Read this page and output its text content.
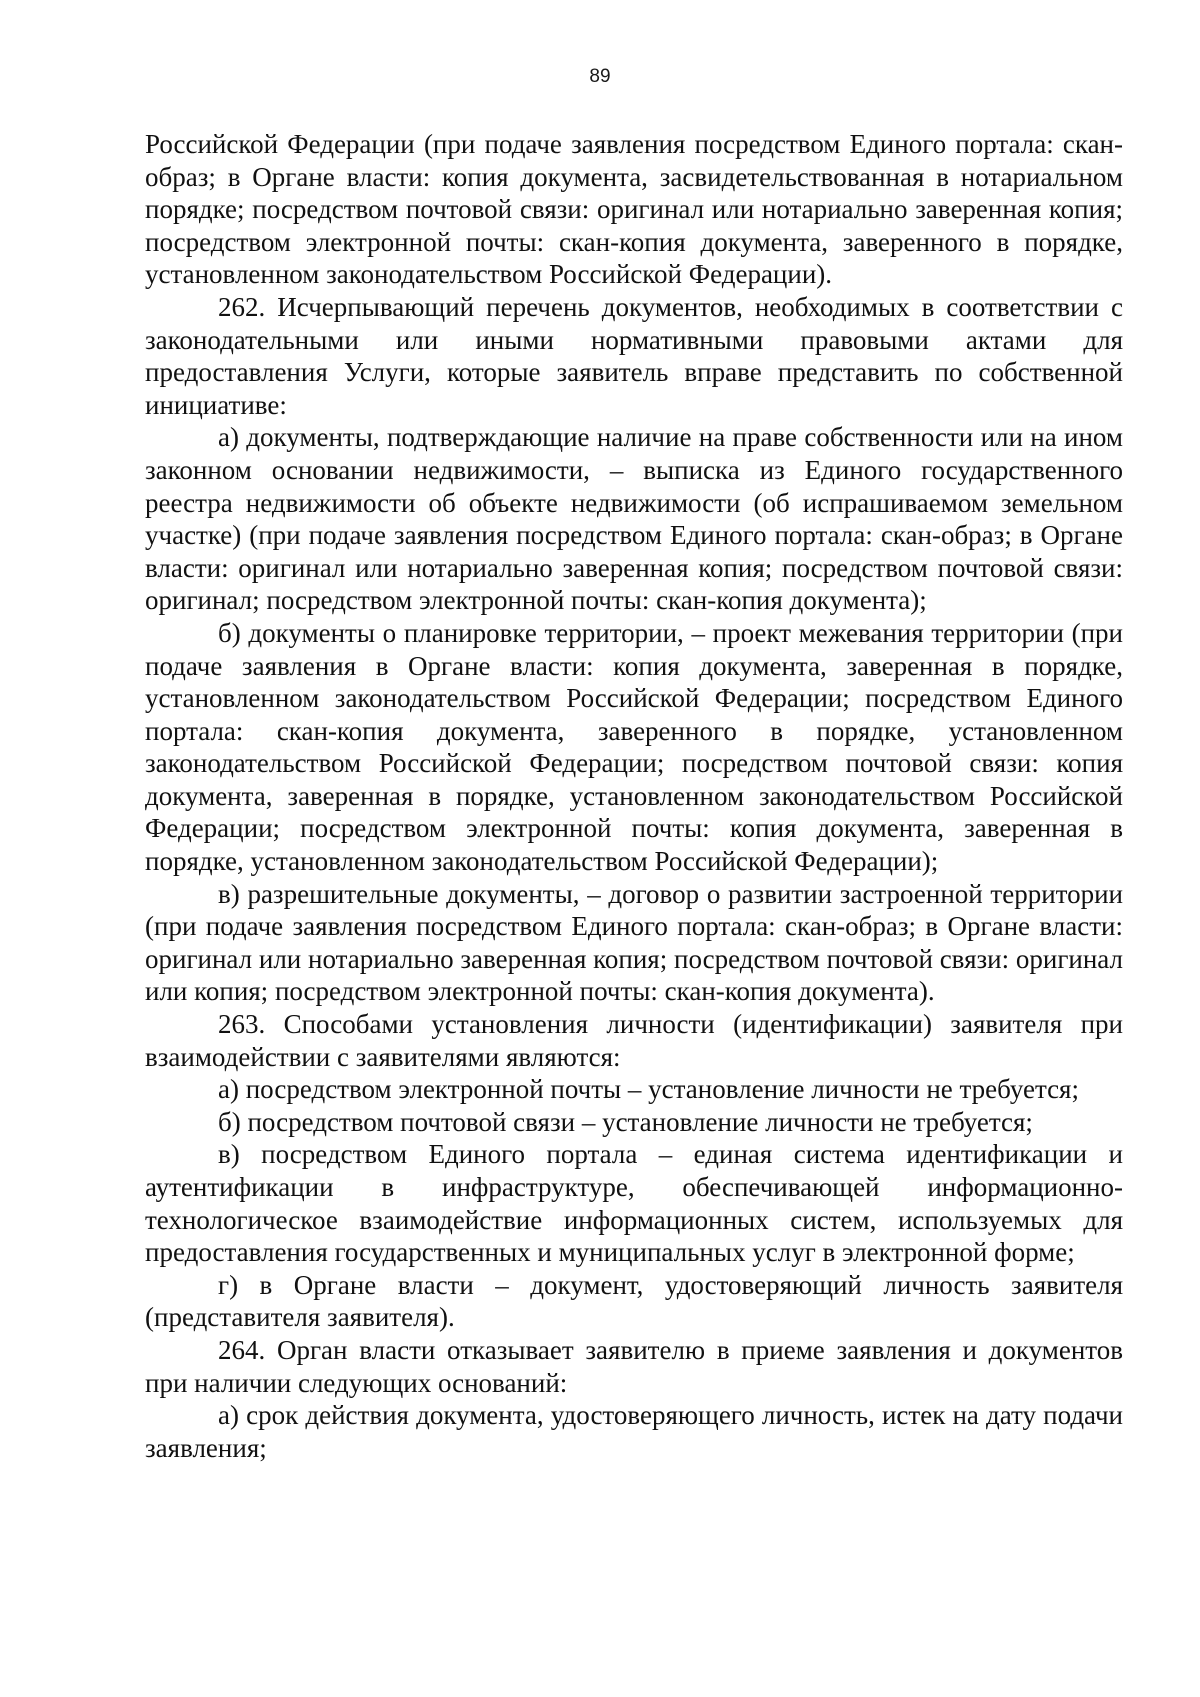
89

Российской Федерации (при подаче заявления посредством Единого портала: скан-образ; в Органе власти: копия документа, засвидетельствованная в нотариальном порядке; посредством почтовой связи: оригинал или нотариально заверенная копия; посредством электронной почты: скан-копия документа, заверенного в порядке, установленном законодательством Российской Федерации).

262. Исчерпывающий перечень документов, необходимых в соответствии с законодательными или иными нормативными правовыми актами для предоставления Услуги, которые заявитель вправе представить по собственной инициативе:

а) документы, подтверждающие наличие на праве собственности или на ином законном основании недвижимости, – выписка из Единого государственного реестра недвижимости об объекте недвижимости (об испрашиваемом земельном участке) (при подаче заявления посредством Единого портала: скан-образ; в Органе власти: оригинал или нотариально заверенная копия; посредством почтовой связи: оригинал; посредством электронной почты: скан-копия документа);

б) документы о планировке территории, – проект межевания территории (при подаче заявления в Органе власти: копия документа, заверенная в порядке, установленном законодательством Российской Федерации; посредством Единого портала: скан-копия документа, заверенного в порядке, установленном законодательством Российской Федерации; посредством почтовой связи: копия документа, заверенная в порядке, установленном законодательством Российской Федерации; посредством электронной почты: копия документа, заверенная в порядке, установленном законодательством Российской Федерации);

в) разрешительные документы, – договор о развитии застроенной территории (при подаче заявления посредством Единого портала: скан-образ; в Органе власти: оригинал или нотариально заверенная копия; посредством почтовой связи: оригинал или копия; посредством электронной почты: скан-копия документа).

263. Способами установления личности (идентификации) заявителя при взаимодействии с заявителями являются:

а) посредством электронной почты – установление личности не требуется;

б) посредством почтовой связи – установление личности не требуется;

в) посредством Единого портала – единая система идентификации и аутентификации в инфраструктуре, обеспечивающей информационно-технологическое взаимодействие информационных систем, используемых для предоставления государственных и муниципальных услуг в электронной форме;

г) в Органе власти – документ, удостоверяющий личность заявителя (представителя заявителя).

264. Орган власти отказывает заявителю в приеме заявления и документов при наличии следующих оснований:

а) срок действия документа, удостоверяющего личность, истек на дату подачи заявления;
